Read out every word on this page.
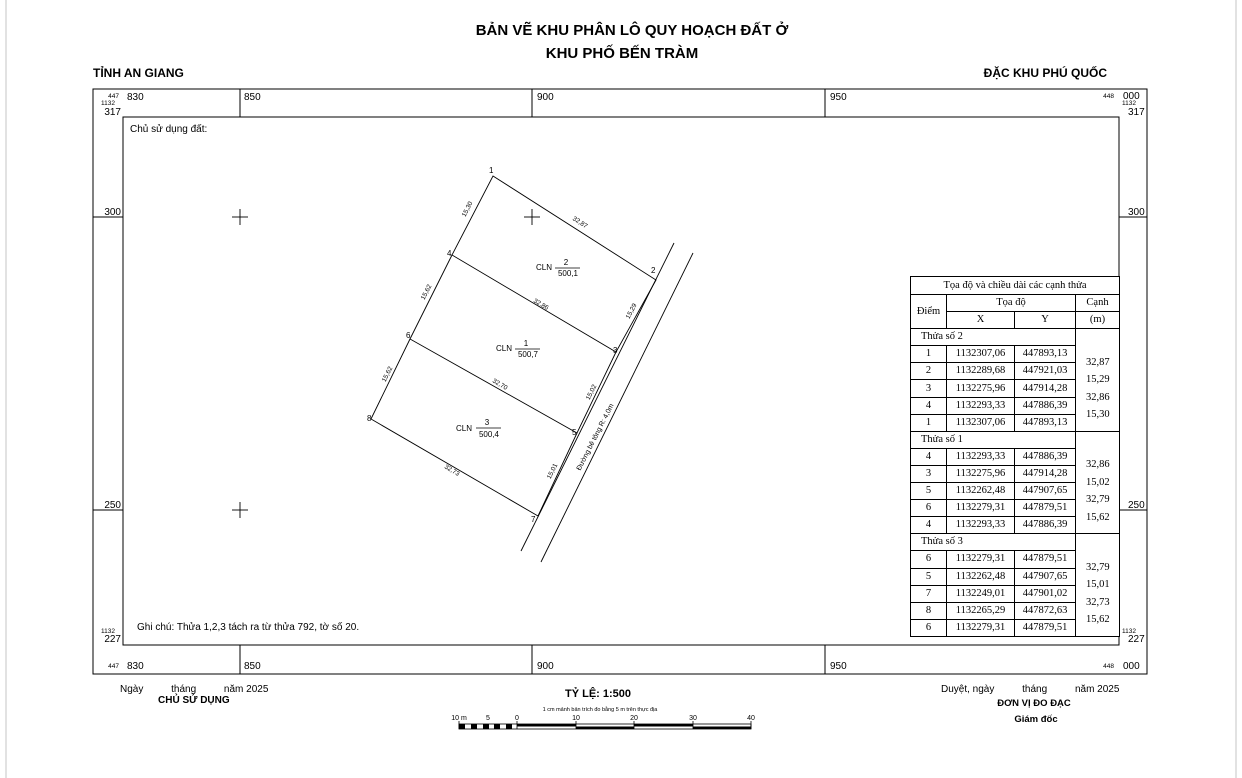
BẢN VẼ KHU PHÂN LÔ QUY HOẠCH ĐẤT Ở
KHU PHỐ BẾN TRÀM
TỈNH AN GIANG	ĐẶC KHU PHÚ QUỐC
830	850	900	950
830	850	900	950
447
1132
317
448 000
1132
317
1132
227
447
1132
227
448 000
300
250
300
250
Chủ sử dụng đất:
Ghi chú: Thửa 1,2,3 tách ra từ thửa 792, tờ số 20.
Đường bê tông R: 4,0m
1
2
4
3
6
5
8
7
15,30
32,87
15,29
32,86
15,62
15,02
15,62
32,70
15,01
32,73
CLN
2
500,1
CLN
1
500,7
CLN
3
500,4
Ngày          tháng          năm 2025
CHỦ SỬ DỤNG
TỶ LỆ: 1:500
1 cm mảnh bản trích đo bằng 5 m trên thực địa
Duyệt, ngày          tháng          năm 2025
ĐƠN VỊ ĐO ĐẠC
Giám đốc
10 m	5	0	10	20	30	40
Tọa độ và chiều dài các cạnh thửa			
Điểm	Tọa độ		Cạnh
	X	Y	(m)
Thửa số 2			32,87
15,29
32,86
15,30
1	1132307,06	447893,13	
2	1132289,68	447921,03	
3	1132275,96	447914,28	
4	1132293,33	447886,39	
1	1132307,06	447893,13	
Thửa số 1			32,86
15,02
32,79
15,62
4	1132293,33	447886,39	
3	1132275,96	447914,28	
5	1132262,48	447907,65	
6	1132279,31	447879,51	
4	1132293,33	447886,39	
Thửa số 3			32,79
15,01
32,73
15,62
6	1132279,31	447879,51	
5	1132262,48	447907,65	
7	1132249,01	447901,02	
8	1132265,29	447872,63	
6	1132279,31	447879,51	
